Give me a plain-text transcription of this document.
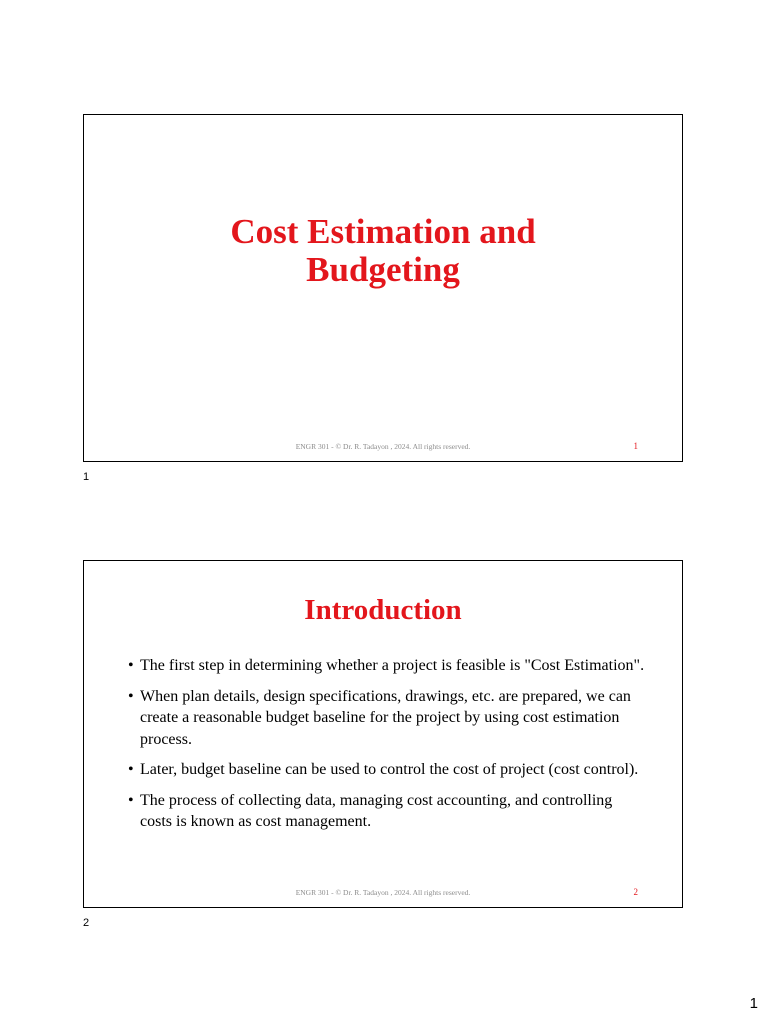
Cost Estimation and
Budgeting
ENGR 301 - © Dr. R. Tadayon , 2024. All rights reserved.	1
1
Introduction
• The first step in determining whether a project is feasible is "Cost Estimation".
• When plan details, design specifications, drawings, etc. are prepared, we can create a reasonable budget baseline for the project by using cost estimation process.
• Later, budget baseline can be used to control the cost of project (cost control).
• The process of collecting data, managing cost accounting, and controlling costs is known as cost management.
ENGR 301 - © Dr. R. Tadayon , 2024. All rights reserved.	2
2
1
